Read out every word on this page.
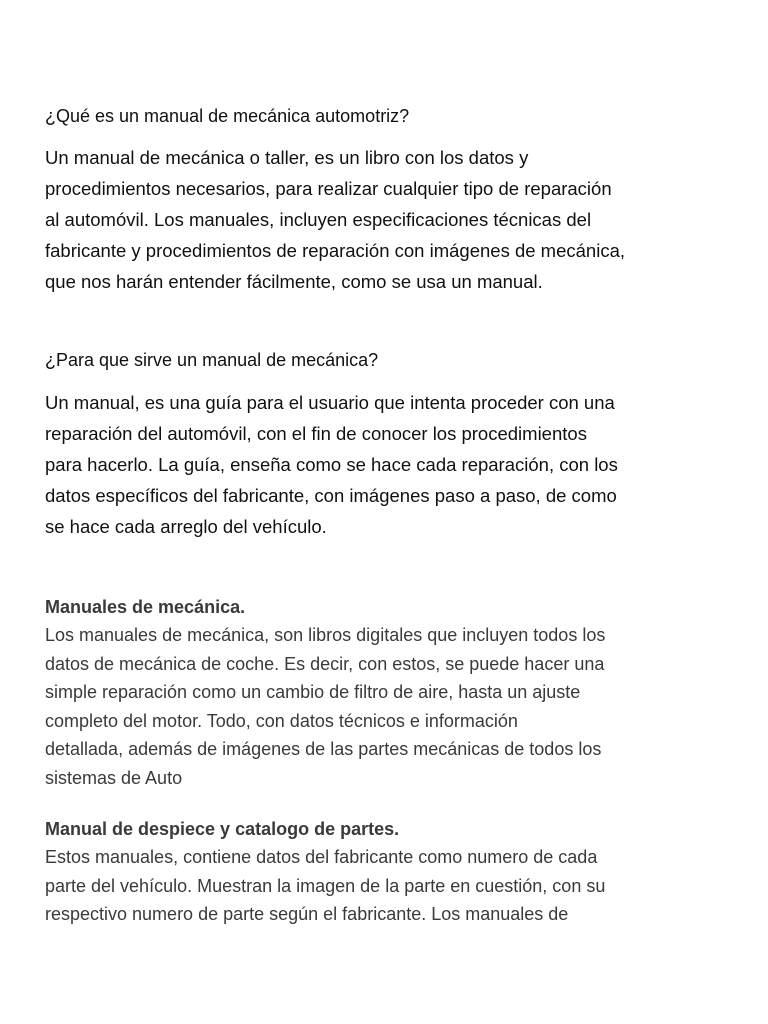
¿Qué es un manual de mecánica automotriz?
Un manual de mecánica o taller, es un libro con los datos y
procedimientos necesarios, para realizar cualquier tipo de reparación
al automóvil. Los manuales, incluyen especificaciones técnicas del
fabricante y procedimientos de reparación con imágenes de mecánica,
que nos harán entender fácilmente, como se usa un manual.
¿Para que sirve un manual de mecánica?
Un manual, es una guía para el usuario que intenta proceder con una
reparación del automóvil, con el fin de conocer los procedimientos
para hacerlo. La guía, enseña como se hace cada reparación, con los
datos específicos del fabricante, con imágenes paso a paso, de como
se hace cada arreglo del vehículo.
Manuales de mecánica.
Los manuales de mecánica, son libros digitales que incluyen todos los
datos de mecánica de coche. Es decir, con estos, se puede hacer una
simple reparación como un cambio de filtro de aire, hasta un ajuste
completo del motor. Todo, con datos técnicos e información
detallada, además de imágenes de las partes mecánicas de todos los
sistemas de Auto
Manual de despiece y catalogo de partes.
Estos manuales, contiene datos del fabricante como numero de cada
parte del vehículo. Muestran la imagen de la parte en cuestión, con su
respectivo numero de parte según el fabricante. Los manuales de
